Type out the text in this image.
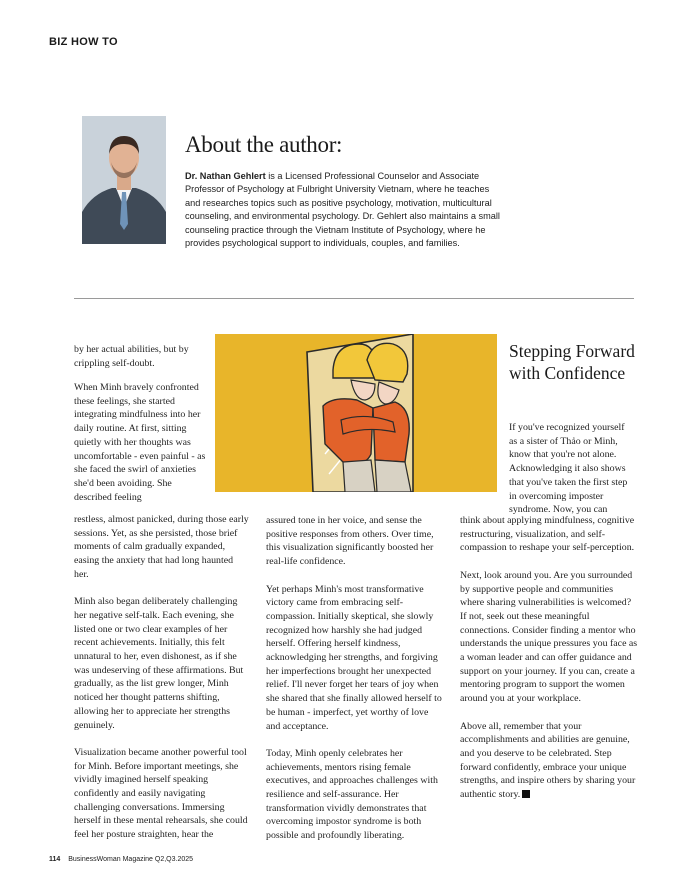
BIZ HOW TO
About the author:
Dr. Nathan Gehlert is a Licensed Professional Counselor and Associate Professor of Psychology at Fulbright University Vietnam, where he teaches and researches topics such as positive psychology, motivation, multicultural counseling, and environmental psychology. Dr. Gehlert also maintains a small counseling practice through the Vietnam Institute of Psychology, where he provides psychological support to individuals, couples, and families.

by her actual abilities, but by crippling self-doubt.

When Minh bravely confronted these feelings, she started integrating mindfulness into her daily routine. At first, sitting quietly with her thoughts was uncomfortable - even painful - as she faced the swirl of anxieties she'd been avoiding. She described feeling

restless, almost panicked, during those early sessions. Yet, as she persisted, those brief moments of calm gradually expanded, easing the anxiety that had long haunted her.

Minh also began deliberately challenging her negative self-talk. Each evening, she listed one or two clear examples of her recent achievements. Initially, this felt unnatural to her, even dishonest, as if she was undeserving of these affirmations. But gradually, as the list grew longer, Minh noticed her thought patterns shifting, allowing her to appreciate her strengths genuinely.

Visualization became another powerful tool for Minh. Before important meetings, she vividly imagined herself speaking confidently and easily navigating challenging conversations. Immersing herself in these mental rehearsals, she could feel her posture straighten, hear the

assured tone in her voice, and sense the positive responses from others. Over time, this visualization significantly boosted her real-life confidence.

Yet perhaps Minh's most transformative victory came from embracing self-compassion. Initially skeptical, she slowly recognized how harshly she had judged herself. Offering herself kindness, acknowledging her strengths, and forgiving her imperfections brought her unexpected relief. I'll never forget her tears of joy when she shared that she finally allowed herself to be human - imperfect, yet worthy of love and acceptance.

Today, Minh openly celebrates her achievements, mentors rising female executives, and approaches challenges with resilience and self-assurance. Her transformation vividly demonstrates that overcoming impostor syndrome is both possible and profoundly liberating.

Stepping Forward with Confidence

If you've recognized yourself as a sister of Thảo or Minh, know that you're not alone. Acknowledging it also shows that you've taken the first step in overcoming imposter syndrome. Now, you can

think about applying mindfulness, cognitive restructuring, visualization, and self-compassion to reshape your self-perception.

Next, look around you. Are you surrounded by supportive people and communities where sharing vulnerabilities is welcomed? If not, seek out these meaningful connections. Consider finding a mentor who understands the unique pressures you face as a woman leader and can offer guidance and support on your journey. If you can, create a mentoring program to support the women around you at your workplace.

Above all, remember that your accomplishments and abilities are genuine, and you deserve to be celebrated. Step forward confidently, embrace your unique strengths, and inspire others by sharing your authentic story.

114 BusinessWoman Magazine Q2,Q3.2025
